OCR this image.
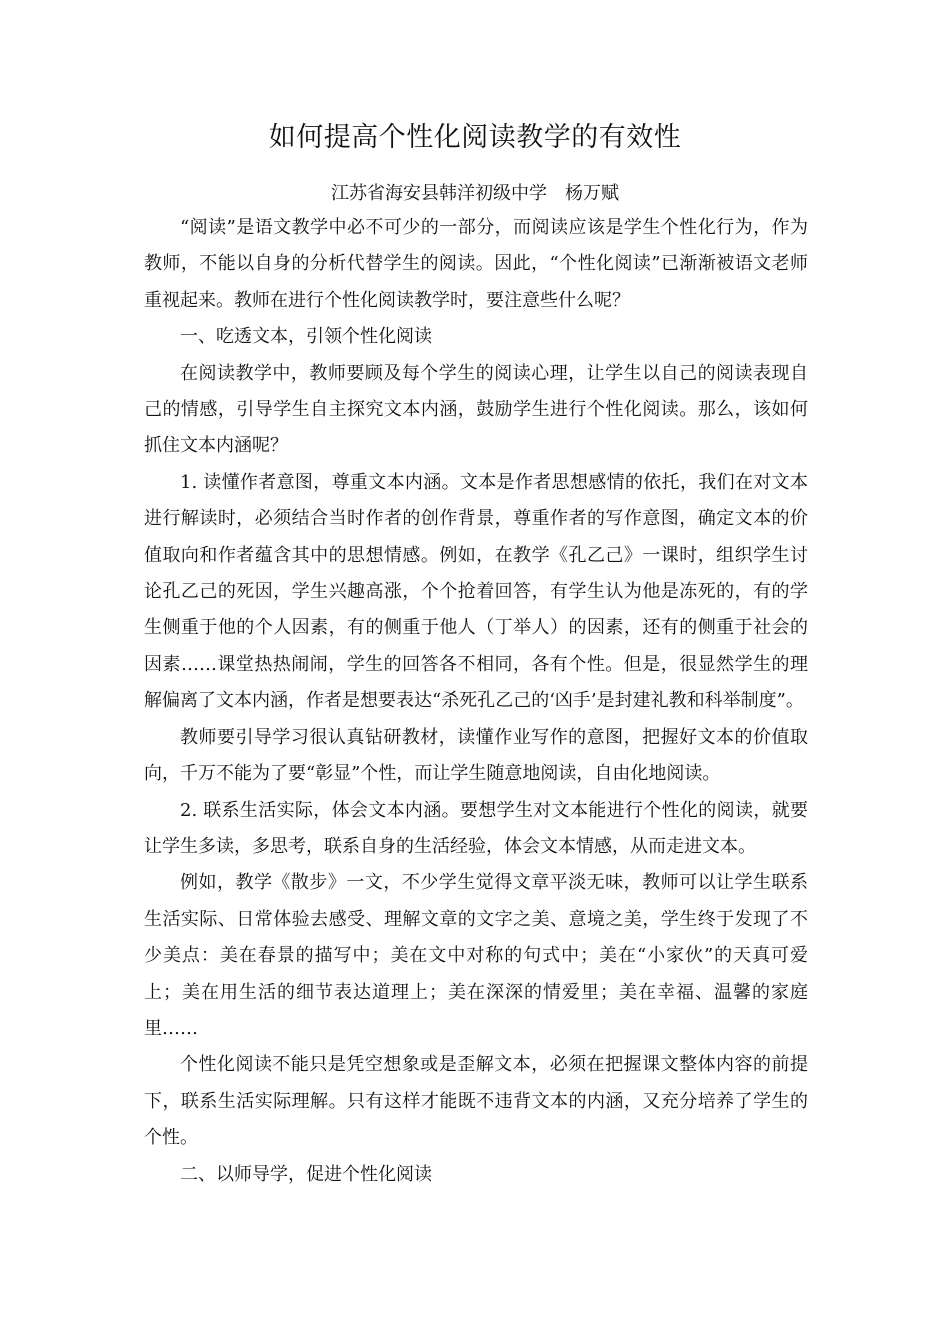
如何提高个性化阅读教学的有效性
江苏省海安县韩洋初级中学　杨万赋

“阅读”是语文教学中必不可少的一部分，而阅读应该是学生个性化行为，作为教师，不能以自身的分析代替学生的阅读。因此，“个性化阅读”已渐渐被语文老师重视起来。教师在进行个性化阅读教学时，要注意些什么呢？

一、吃透文本，引领个性化阅读

在阅读教学中，教师要顾及每个学生的阅读心理，让学生以自己的阅读表现自己的情感，引导学生自主探究文本内涵，鼓励学生进行个性化阅读。那么，该如何抓住文本内涵呢？

1. 读懂作者意图，尊重文本内涵。文本是作者思想感情的依托，我们在对文本进行解读时，必须结合当时作者的创作背景，尊重作者的写作意图，确定文本的价值取向和作者蕴含其中的思想情感。例如，在教学《孔乙己》一课时，组织学生讨论孔乙己的死因，学生兴趣高涨，个个抢着回答，有学生认为他是冻死的，有的学生侧重于他的个人因素，有的侧重于他人（丁举人）的因素，还有的侧重于社会的因素……课堂热热闹闹，学生的回答各不相同，各有个性。但是，很显然学生的理解偏离了文本内涵，作者是想要表达“杀死孔乙己的‘凶手’是封建礼教和科举制度”。

教师要引导学习很认真钻研教材，读懂作业写作的意图，把握好文本的价值取向，千万不能为了要“彰显”个性，而让学生随意地阅读，自由化地阅读。

2. 联系生活实际，体会文本内涵。要想学生对文本能进行个性化的阅读，就要让学生多读，多思考，联系自身的生活经验，体会文本情感，从而走进文本。

例如，教学《散步》一文，不少学生觉得文章平淡无味，教师可以让学生联系生活实际、日常体验去感受、理解文章的文字之美、意境之美，学生终于发现了不少美点：美在春景的描写中；美在文中对称的句式中；美在“小家伙”的天真可爱上；美在用生活的细节表达道理上；美在深深的情爱里；美在幸福、温馨的家庭里……

个性化阅读不能只是凭空想象或是歪解文本，必须在把握课文整体内容的前提下，联系生活实际理解。只有这样才能既不违背文本的内涵，又充分培养了学生的个性。

二、以师导学，促进个性化阅读
